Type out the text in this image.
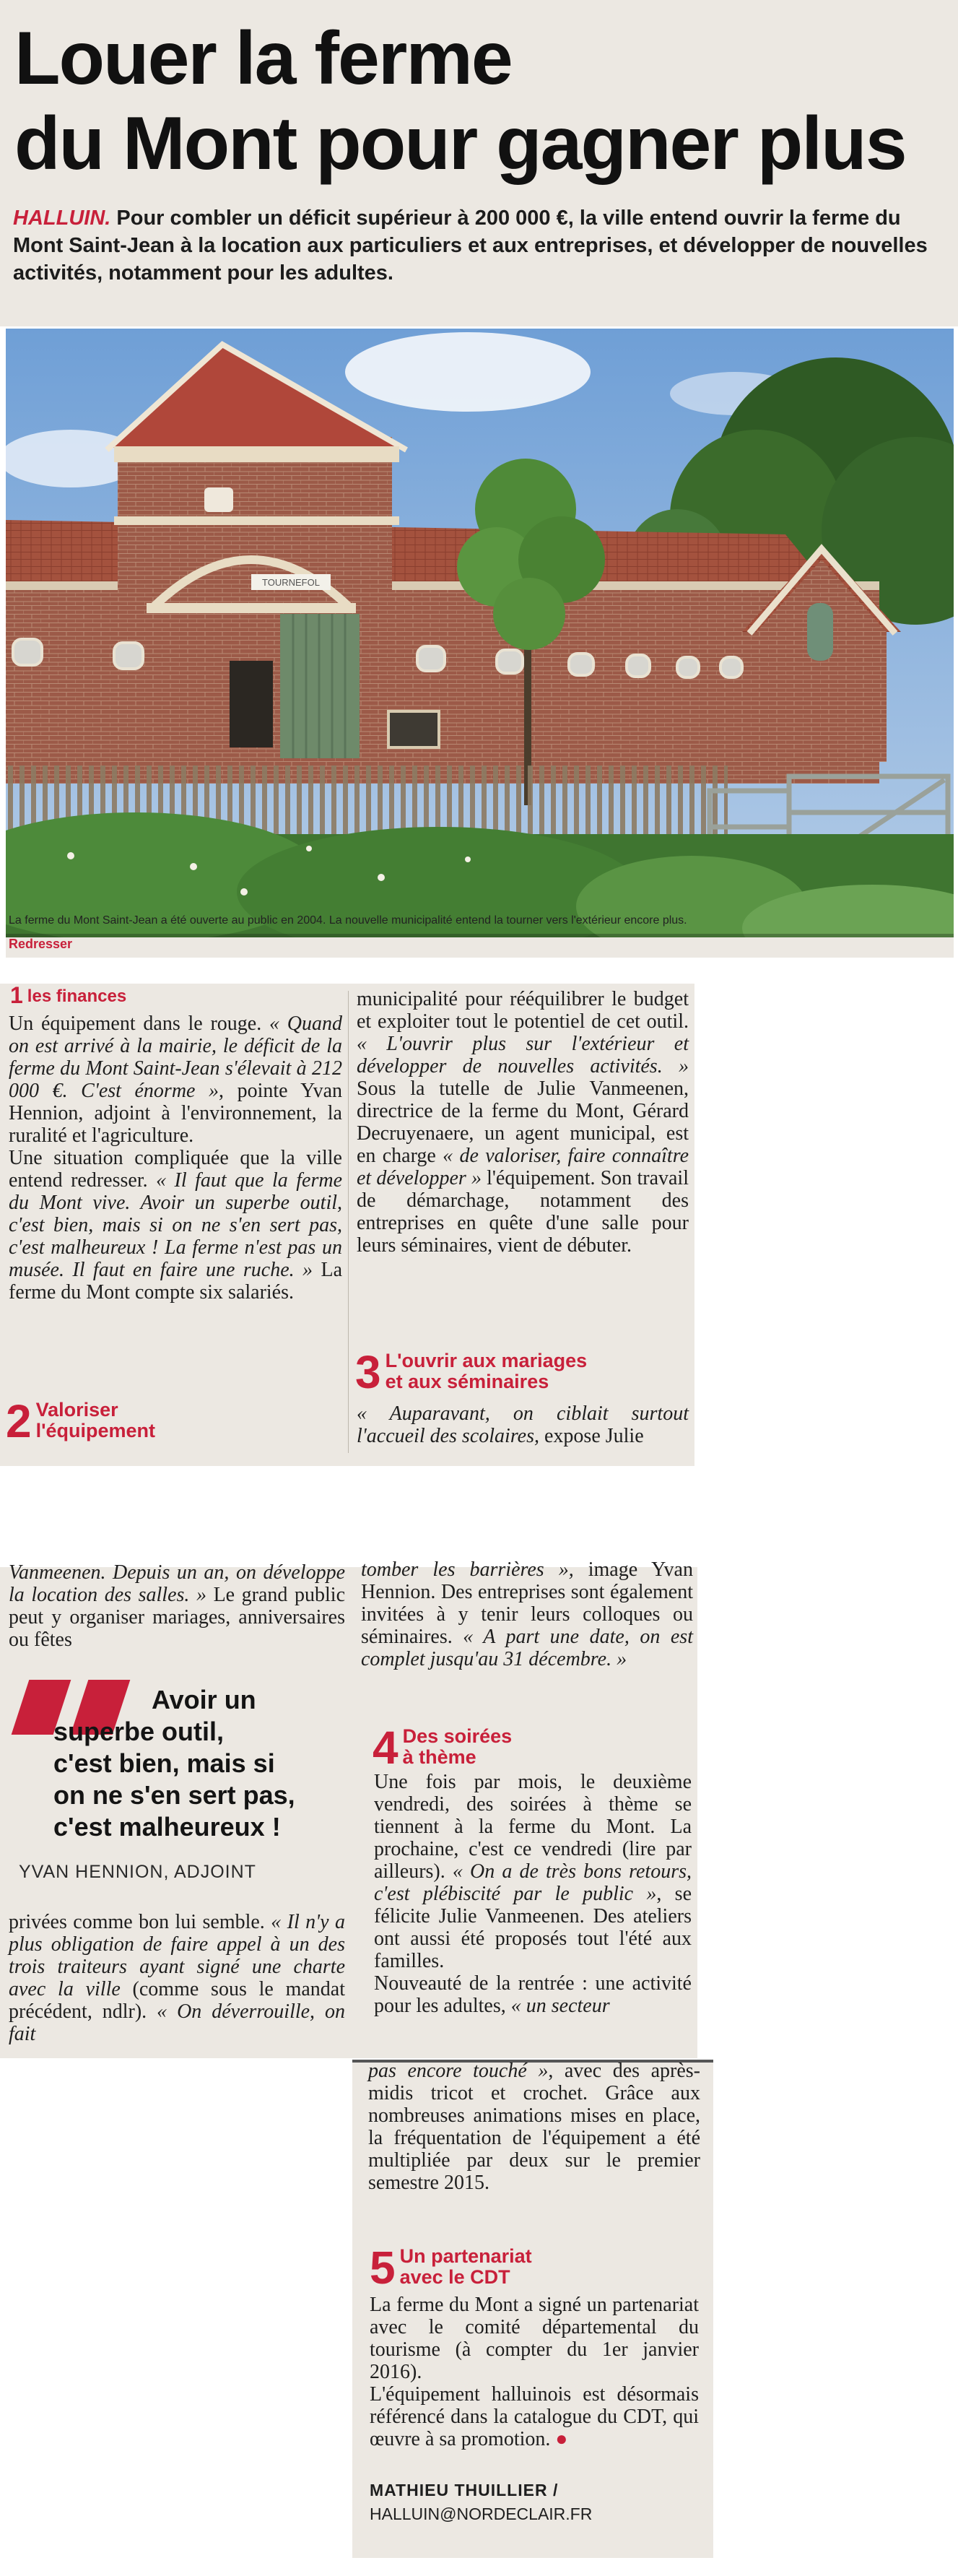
Louer la ferme
du Mont pour gagner plus
HALLUIN. Pour combler un déficit supérieur à 200 000 €, la ville entend ouvrir la ferme du Mont Saint-Jean à la location aux particuliers et aux entreprises, et développer de nouvelles activités, notamment pour les adultes.
TOURNEFOL
La ferme du Mont Saint-Jean a été ouverte au public en 2004. La nouvelle municipalité entend la tourner vers l'extérieur encore plus.
Redresser
1 les finances

Un équipement dans le rouge. « Quand on est arrivé à la mairie, le déficit de la ferme du Mont Saint-Jean s'élevait à 212 000 €. C'est énorme », pointe Yvan Hennion, adjoint à l'environnement, la ruralité et l'agriculture.

Une situation compliquée que la ville entend redresser. « Il faut que la ferme du Mont vive. Avoir un superbe outil, c'est bien, mais si on ne s'en sert pas, c'est malheureux ! La ferme n'est pas un musée. Il faut en faire une ruche. » La ferme du Mont compte six salariés.

2 Valoriser
l'équipement

municipalité pour rééquilibrer le budget et exploiter tout le potentiel de cet outil. « L'ouvrir plus sur l'extérieur et développer de nouvelles activités. » Sous la tutelle de Julie Vanmeenen, directrice de la ferme du Mont, Gérard Decruyenaere, un agent municipal, est en charge « de valoriser, faire connaître et développer » l'équipement. Son travail de démarchage, notamment des entreprises en quête d'une salle pour leurs séminaires, vient de débuter.

3 L'ouvrir aux mariages
et aux séminaires

« Auparavant, on ciblait surtout l'accueil des scolaires, expose Julie

Vanmeenen. Depuis un an, on développe la location des salles. » Le grand public peut y organiser mariages, anniversaires ou fêtes

Avoir un
superbe outil,
c'est bien, mais si
on ne s'en sert pas,
c'est malheureux !
YVAN HENNION, ADJOINT

privées comme bon lui semble. « Il n'y a plus obligation de faire appel à un des trois traiteurs ayant signé une charte avec la ville (comme sous le mandat précédent, ndlr). « On déverrouille, on fait

tomber les barrières », image Yvan Hennion. Des entreprises sont également invitées à y tenir leurs colloques ou séminaires. « A part une date, on est complet jusqu'au 31 décembre. »

4 Des soirées
à thème

Une fois par mois, le deuxième vendredi, des soirées à thème se tiennent à la ferme du Mont. La prochaine, c'est ce vendredi (lire par ailleurs). « On a de très bons retours, c'est plébiscité par le public », se félicite Julie Vanmeenen. Des ateliers ont aussi été proposés tout l'été aux familles.

Nouveauté de la rentrée : une activité pour les adultes, « un secteur

pas encore touché », avec des après-midis tricot et crochet. Grâce aux nombreuses animations mises en place, la fréquentation de l'équipement a été multipliée par deux sur le premier semestre 2015.

5 Un partenariat
avec le CDT

La ferme du Mont a signé un partenariat avec le comité départemental du tourisme (à compter du 1er janvier 2016).

L'équipement halluinois est désormais référencé dans la catalogue du CDT, qui œuvre à sa promotion. ●

MATHIEU THUILLIER /
HALLUIN@NORDECLAIR.FR
